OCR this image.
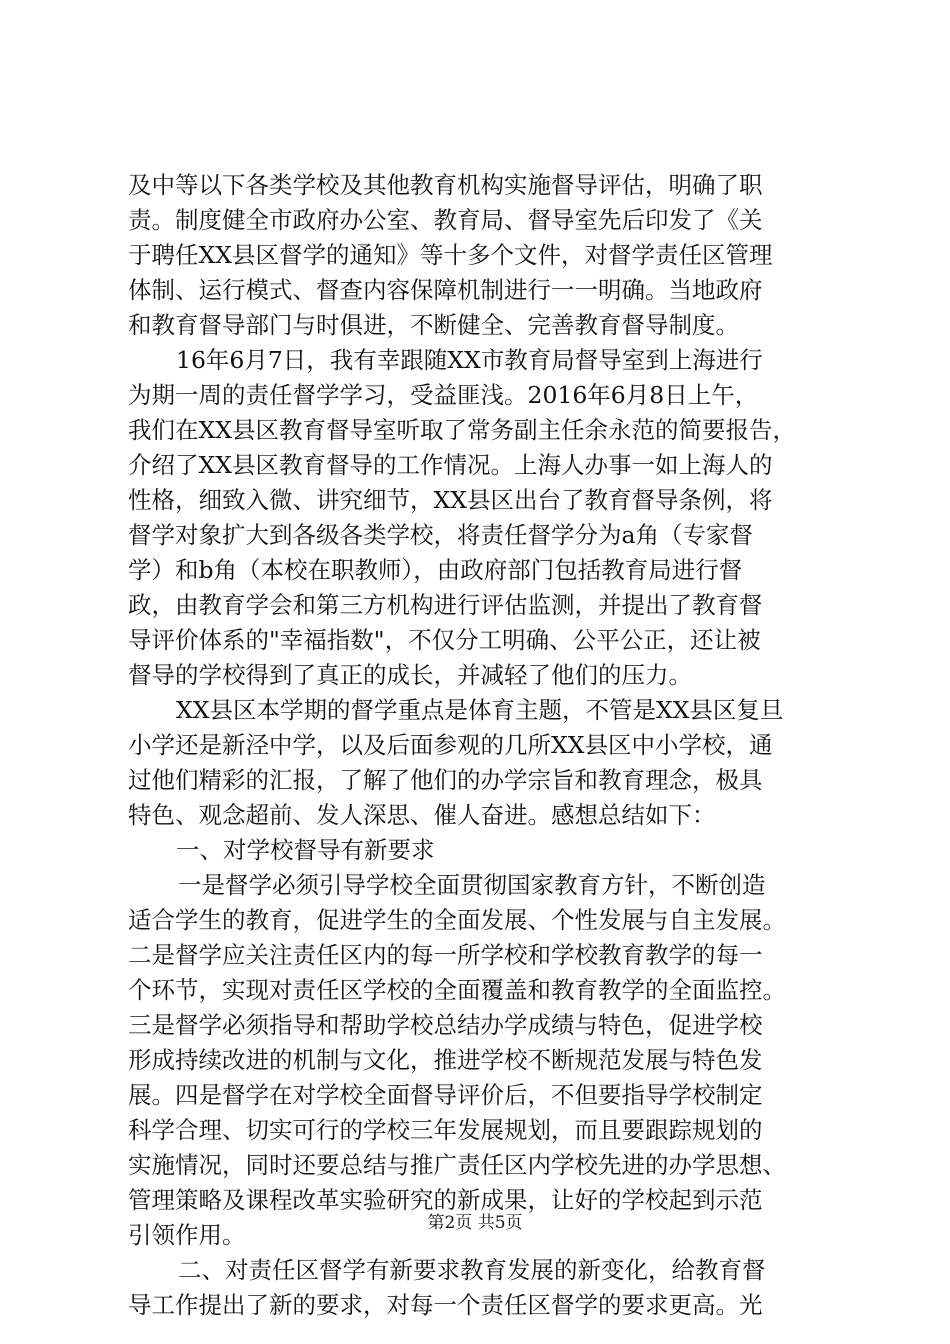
及中等以下各类学校及其他教育机构实施督导评估，明确了职
责。制度健全市政府办公室、教育局、督导室先后印发了《关
于聘任XX县区督学的通知》等十多个文件，对督学责任区管理
体制、运行模式、督查内容保障机制进行一一明确。当地政府
和教育督导部门与时俱进，不断健全、完善教育督导制度。
16年6月7日，我有幸跟随XX市教育局督导室到上海进行
为期一周的责任督学学习，受益匪浅。2016年6月8日上午，
我们在XX县区教育督导室听取了常务副主任余永范的简要报告，
介绍了XX县区教育督导的工作情况。上海人办事一如上海人的
性格，细致入微、讲究细节，XX县区出台了教育督导条例，将
督学对象扩大到各级各类学校，将责任督学分为a角（专家督
学）和b角（本校在职教师），由政府部门包括教育局进行督
政，由教育学会和第三方机构进行评估监测，并提出了教育督
导评价体系的"幸福指数"，不仅分工明确、公平公正，还让被
督导的学校得到了真正的成长，并减轻了他们的压力。
XX县区本学期的督学重点是体育主题，不管是XX县区复旦
小学还是新泾中学，以及后面参观的几所XX县区中小学校，通
过他们精彩的汇报，了解了他们的办学宗旨和教育理念，极具
特色、观念超前、发人深思、催人奋进。感想总结如下：
一、对学校督导有新要求
一是督学必须引导学校全面贯彻国家教育方针，不断创造
适合学生的教育，促进学生的全面发展、个性发展与自主发展。
二是督学应关注责任区内的每一所学校和学校教育教学的每一
个环节，实现对责任区学校的全面覆盖和教育教学的全面监控。
三是督学必须指导和帮助学校总结办学成绩与特色，促进学校
形成持续改进的机制与文化，推进学校不断规范发展与特色发
展。四是督学在对学校全面督导评价后，不但要指导学校制定
科学合理、切实可行的学校三年发展规划，而且要跟踪规划的
实施情况，同时还要总结与推广责任区内学校先进的办学思想、
管理策略及课程改革实验研究的新成果，让好的学校起到示范
引领作用。
二、对责任区督学有新要求教育发展的新变化，给教育督
导工作提出了新的要求，对每一个责任区督学的要求更高。光
第2页 共5页
